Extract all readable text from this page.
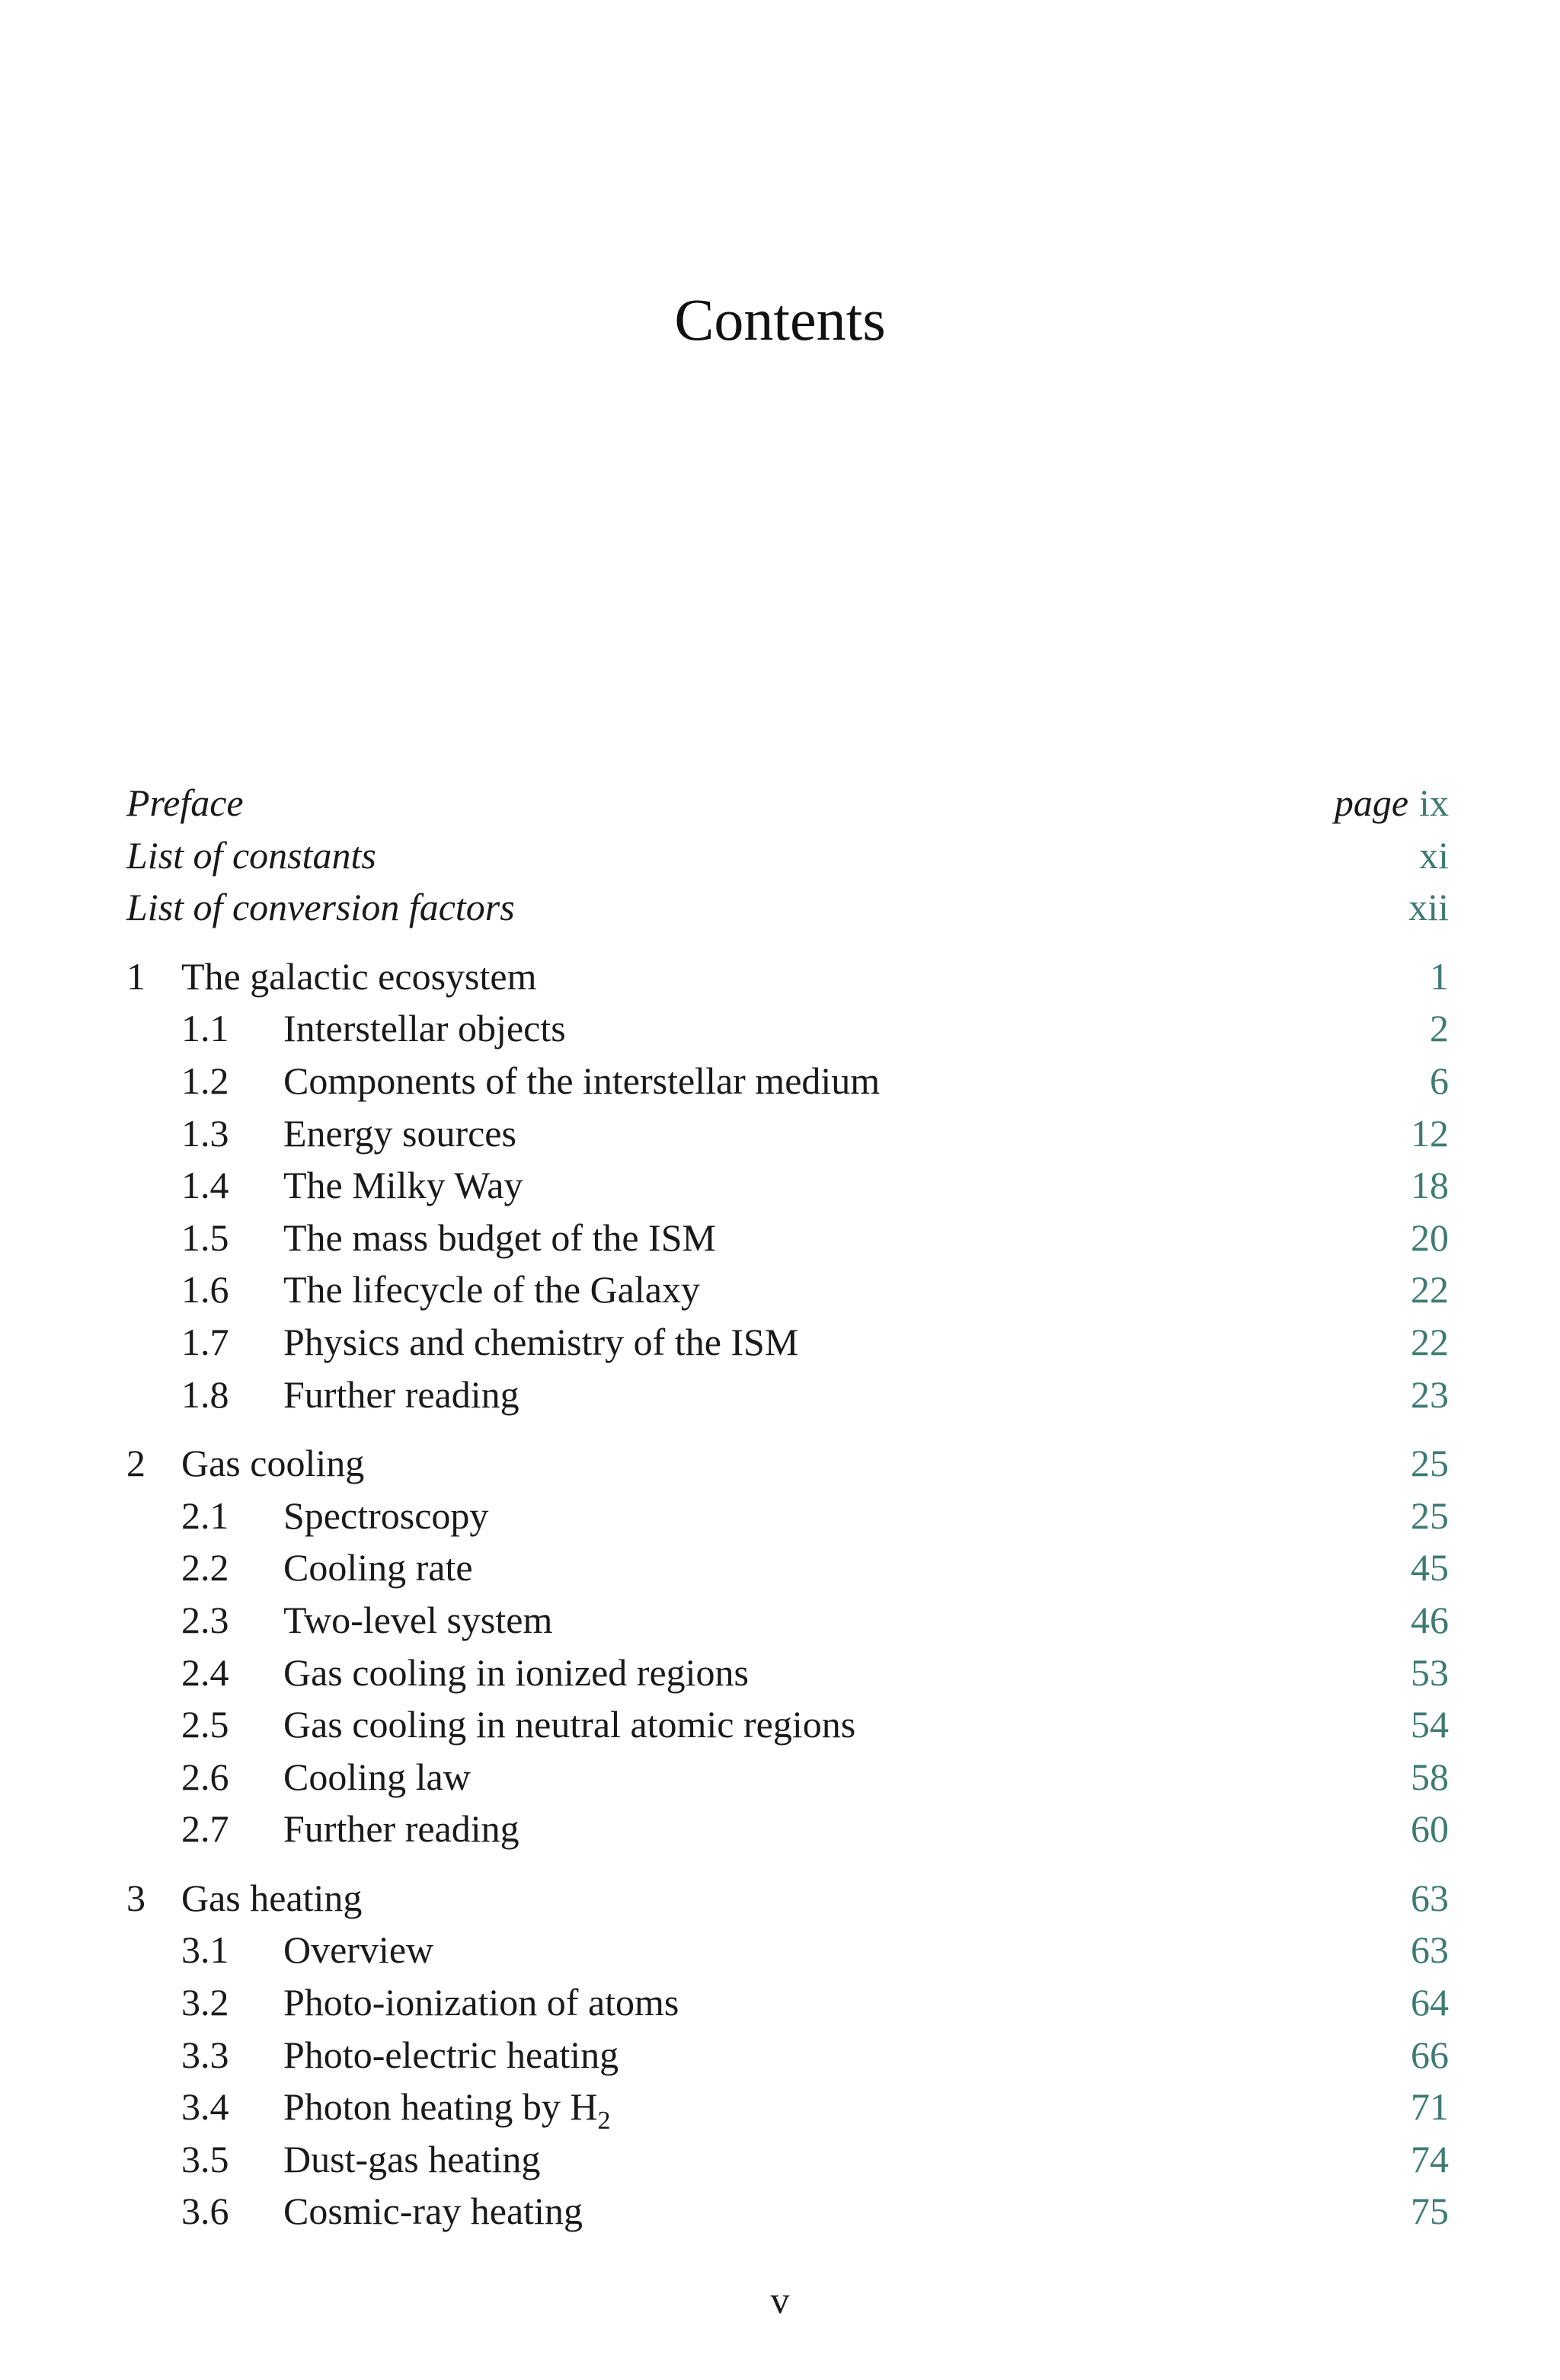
Contents
Preface	page ix
List of constants	xi
List of conversion factors	xii
1 The galactic ecosystem	1
1.1	Interstellar objects	2
1.2	Components of the interstellar medium	6
1.3	Energy sources	12
1.4	The Milky Way	18
1.5	The mass budget of the ISM	20
1.6	The lifecycle of the Galaxy	22
1.7	Physics and chemistry of the ISM	22
1.8	Further reading	23
2 Gas cooling	25
2.1	Spectroscopy	25
2.2	Cooling rate	45
2.3	Two-level system	46
2.4	Gas cooling in ionized regions	53
2.5	Gas cooling in neutral atomic regions	54
2.6	Cooling law	58
2.7	Further reading	60
3 Gas heating	63
3.1	Overview	63
3.2	Photo-ionization of atoms	64
3.3	Photo-electric heating	66
3.4	Photon heating by $H_2$	71
3.5	Dust-gas heating	74
3.6	Cosmic-ray heating	75
v
